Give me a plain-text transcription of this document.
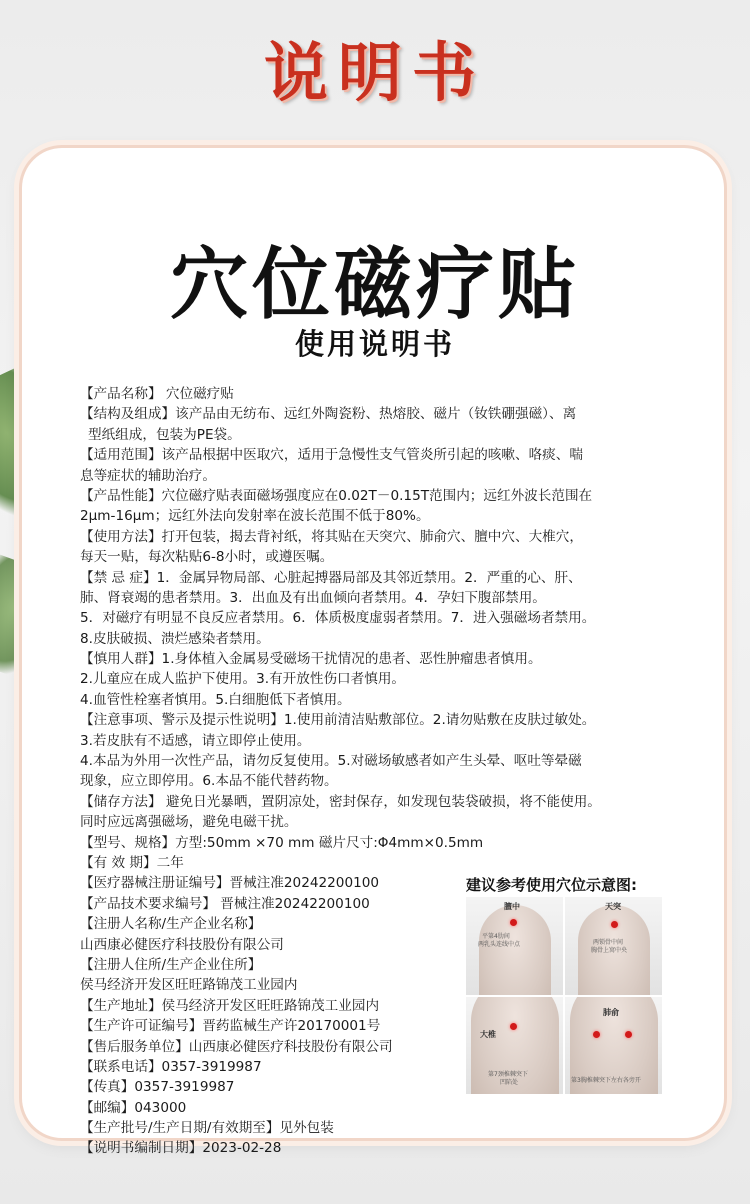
说明书
穴位磁疗贴
使用说明书
【产品名称】 穴位磁疗贴
【结构及组成】该产品由无纺布、远红外陶瓷粉、热熔胶、磁片（钕铁硼强磁）、离
型纸组成，包装为PE袋。
【适用范围】该产品根据中医取穴，适用于急慢性支气管炎所引起的咳嗽、咯痰、喘
息等症状的辅助治疗。
【产品性能】穴位磁疗贴表面磁场强度应在0.02T－0.15T范围内；远红外波长范围在
2μm-16μm；远红外法向发射率在波长范围不低于80%。
【使用方法】打开包装，揭去背衬纸，将其贴在天突穴、肺俞穴、膻中穴、大椎穴，
每天一贴，每次粘贴6-8小时，或遵医嘱。
【禁 忌 症】1．金属异物局部、心脏起搏器局部及其邻近禁用。2．严重的心、肝、
肺、肾衰竭的患者禁用。3．出血及有出血倾向者禁用。4．孕妇下腹部禁用。
5．对磁疗有明显不良反应者禁用。6．体质极度虚弱者禁用。7．进入强磁场者禁用。
8.皮肤破损、溃烂感染者禁用。
【慎用人群】1.身体植入金属易受磁场干扰情况的患者、恶性肿瘤患者慎用。
2.儿童应在成人监护下使用。3.有开放性伤口者慎用。
4.血管性栓塞者慎用。5.白细胞低下者慎用。
【注意事项、警示及提示性说明】1.使用前清洁贴敷部位。2.请勿贴敷在皮肤过敏处。
3.若皮肤有不适感，请立即停止使用。
4.本品为外用一次性产品，请勿反复使用。5.对磁场敏感者如产生头晕、呕吐等晕磁
现象，应立即停用。6.本品不能代替药物。
【储存方法】 避免日光暴晒，置阴凉处，密封保存，如发现包装袋破损，将不能使用。
同时应远离强磁场，避免电磁干扰。
【型号、规格】方型:50mm ×70 mm 磁片尺寸:Φ4mm×0.5mm
【有 效 期】二年
【医疗器械注册证编号】晋械注准20242200100
【产品技术要求编号】 晋械注准20242200100
【注册人名称/生产企业名称】
山西康必健医疗科技股份有限公司
【注册人住所/生产企业住所】
侯马经济开发区旺旺路锦茂工业园内
【生产地址】侯马经济开发区旺旺路锦茂工业园内
【生产许可证编号】晋药监械生产许20170001号
【售后服务单位】山西康必健医疗科技股份有限公司
【联系电话】0357-3919987
【传真】0357-3919987
【邮编】043000
【生产批号/生产日期/有效期至】见外包装
【说明书编制日期】2023-02-28
建议参考使用穴位示意图:
膻中
平第4肋间
两乳头连线中点
天突
两锁骨中间
胸骨上窝中央
大椎
第7颈椎棘突下
凹陷处
肺俞
第3胸椎棘突下左右各旁开
